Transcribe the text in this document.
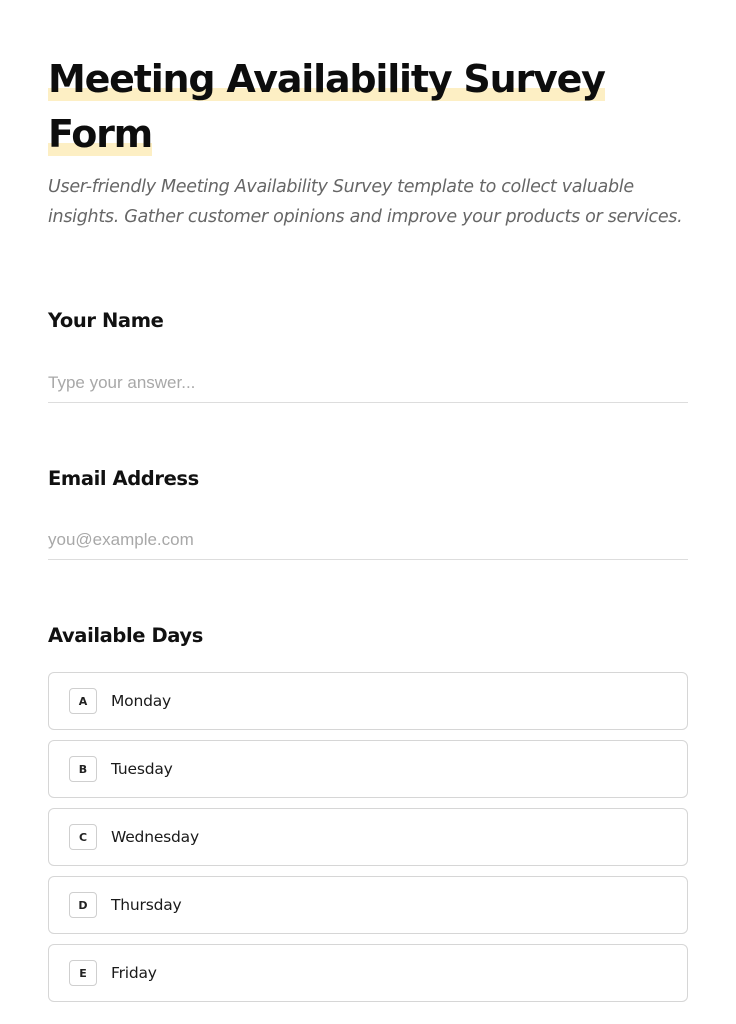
Meeting Availability Survey
Form

User-friendly Meeting Availability Survey template to collect valuable insights. Gather customer opinions and improve your products or services.

Your Name
Type your answer...
Email Address
you@example.com
Available Days
A	Monday
B	Tuesday
C	Wednesday
D	Thursday
E	Friday
